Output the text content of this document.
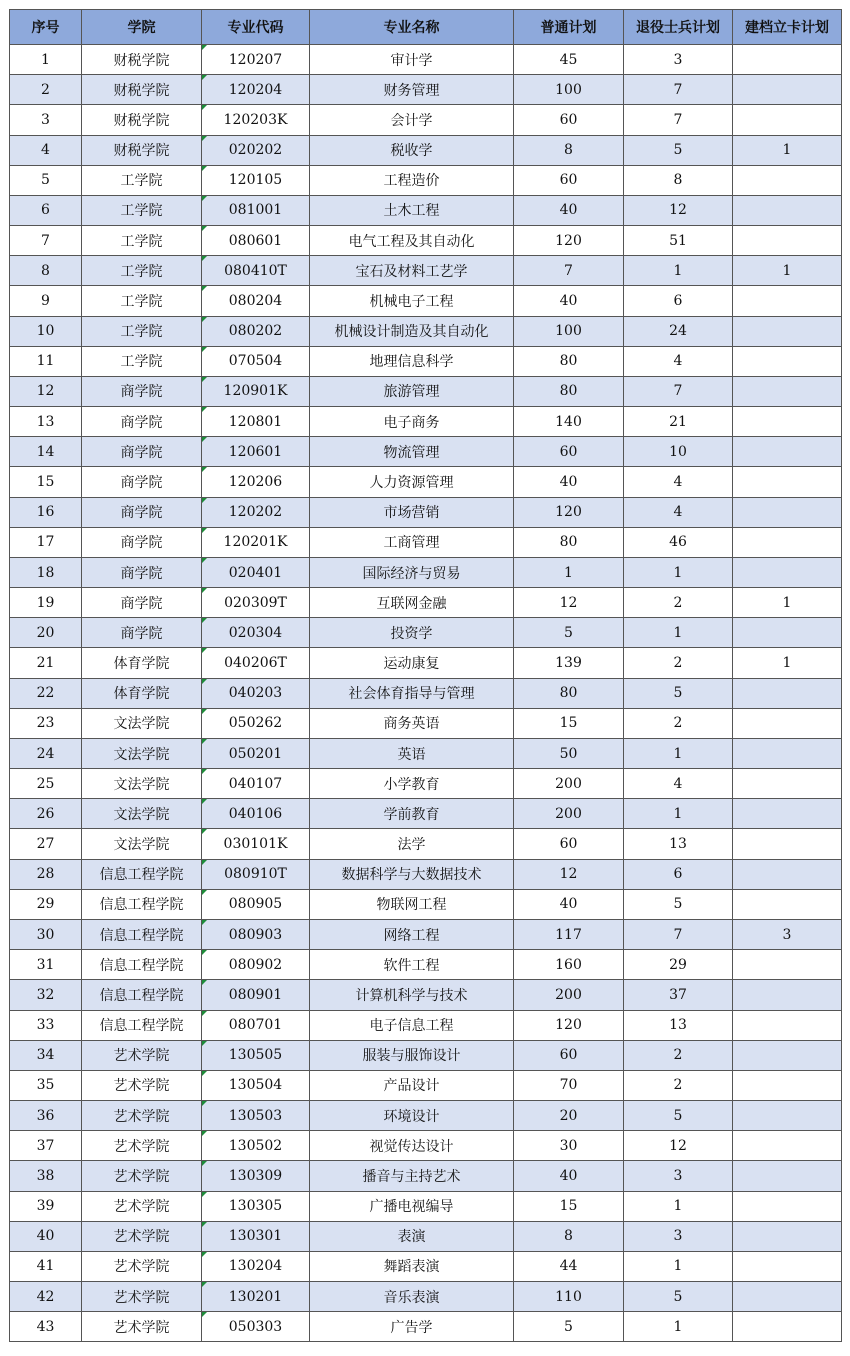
序号	学院	专业代码	专业名称	普通计划	退役士兵计划	建档立卡计划
1	财税学院	120207	审计学	45	3	
2	财税学院	120204	财务管理	100	7	
3	财税学院	120203K	会计学	60	7	
4	财税学院	020202	税收学	8	5	1
5	工学院	120105	工程造价	60	8	
6	工学院	081001	土木工程	40	12	
7	工学院	080601	电气工程及其自动化	120	51	
8	工学院	080410T	宝石及材料工艺学	7	1	1
9	工学院	080204	机械电子工程	40	6	
10	工学院	080202	机械设计制造及其自动化	100	24	
11	工学院	070504	地理信息科学	80	4	
12	商学院	120901K	旅游管理	80	7	
13	商学院	120801	电子商务	140	21	
14	商学院	120601	物流管理	60	10	
15	商学院	120206	人力资源管理	40	4	
16	商学院	120202	市场营销	120	4	
17	商学院	120201K	工商管理	80	46	
18	商学院	020401	国际经济与贸易	1	1	
19	商学院	020309T	互联网金融	12	2	1
20	商学院	020304	投资学	5	1	
21	体育学院	040206T	运动康复	139	2	1
22	体育学院	040203	社会体育指导与管理	80	5	
23	文法学院	050262	商务英语	15	2	
24	文法学院	050201	英语	50	1	
25	文法学院	040107	小学教育	200	4	
26	文法学院	040106	学前教育	200	1	
27	文法学院	030101K	法学	60	13	
28	信息工程学院	080910T	数据科学与大数据技术	12	6	
29	信息工程学院	080905	物联网工程	40	5	
30	信息工程学院	080903	网络工程	117	7	3
31	信息工程学院	080902	软件工程	160	29	
32	信息工程学院	080901	计算机科学与技术	200	37	
33	信息工程学院	080701	电子信息工程	120	13	
34	艺术学院	130505	服装与服饰设计	60	2	
35	艺术学院	130504	产品设计	70	2	
36	艺术学院	130503	环境设计	20	5	
37	艺术学院	130502	视觉传达设计	30	12	
38	艺术学院	130309	播音与主持艺术	40	3	
39	艺术学院	130305	广播电视编导	15	1	
40	艺术学院	130301	表演	8	3	
41	艺术学院	130204	舞蹈表演	44	1	
42	艺术学院	130201	音乐表演	110	5	
43	艺术学院	050303	广告学	5	1	
